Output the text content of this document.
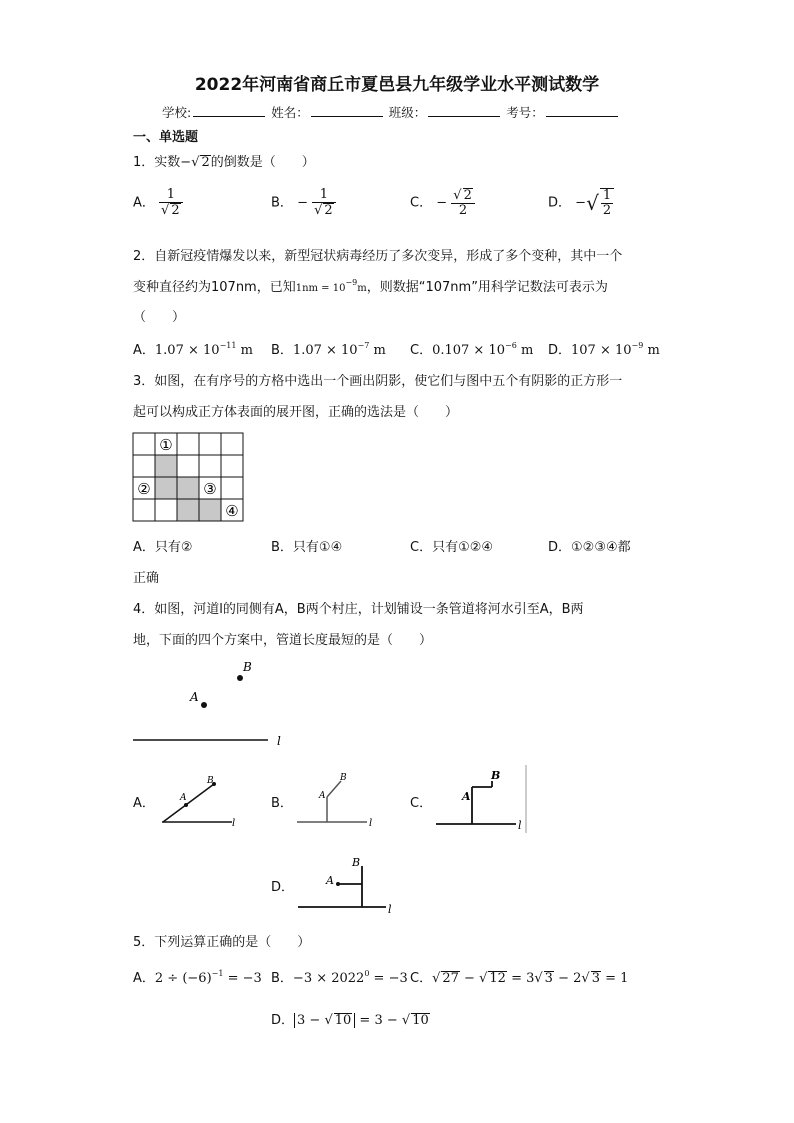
2022年河南省商丘市夏邑县九年级学业水平测试数学
学校:	姓名：	班级：	考号：
一、单选题
1．实数−√ 2的倒数是（　　）
A． $\frac{1}{√ 2}$	B． − $\frac{1}{√ 2}$	C． − $\frac{√ 2}{2}$	D． −√ $\frac{1}{2}$
2．自新冠疫情爆发以来，新型冠状病毒经历了多次变异，形成了多个变种，其中一个
变种直径约为107nm，已知$1nm = 10^{-9}m$，则数据“107nm”用科学记数法可表示为
（　　）
A．$1.07 \times 10^{-11}$ m B．$1.07 \times 10^{-7}$ m C．$0.107 \times 10^{-6}$ m D．$107 \times 10^{-9}$ m
3．如图，在有序号的方格中选出一个画出阴影，使它们与图中五个有阴影的正方形一
起可以构成正方体表面的展开图，正确的选法是（　　）
①
②	③
④
A．只有②	B．只有①④	C．只有①②④	D．①②③④都
正确
4．如图，河道l的同侧有A，B两个村庄，计划铺设一条管道将河水引至A，B两
地，下面的四个方案中，管道长度最短的是（　　）
B
A
l
A．
B
A
l
B．	A
B
l
C．	A
B
l
D．	A
B
l
5．下列运算正确的是（　　）
A．$2 \div (-6)^{-1} = -3$ B．$-3 \times 2022^0 = -3$ C．√ 27 − √ 12 = 3√ 3 − 2√ 3 = 1
D． 3 − √ 10 = 3 − √ 10
